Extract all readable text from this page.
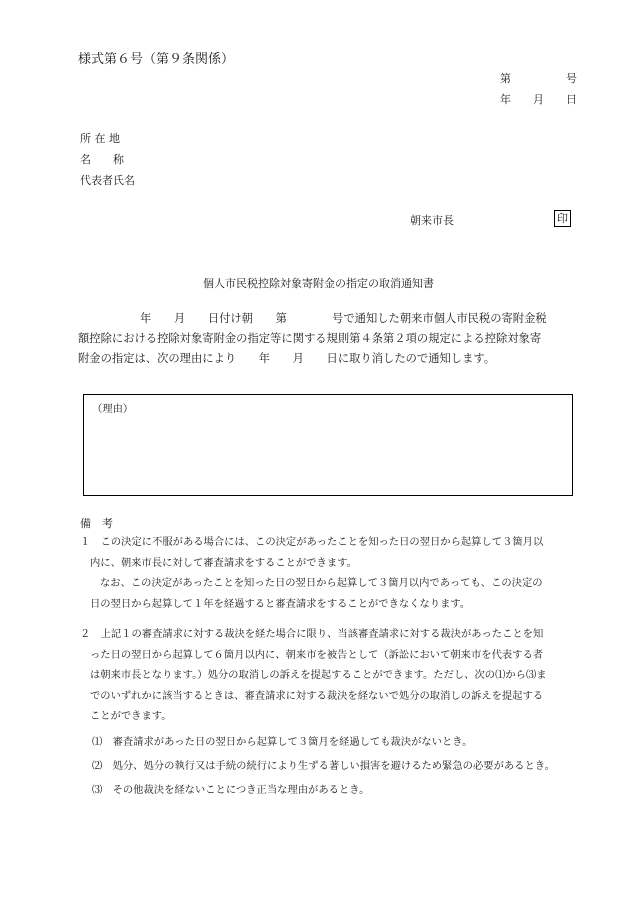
様式第６号（第９条関係）
第　　　　　号
年　　月　　日
所 在 地
名　　称
代表者氏名
朝来市長	印
個人市民税控除対象寄附金の指定の取消通知書
年　　月　　日付け朝　　第　　　　号で通知した朝来市個人市民税の寄附金税
額控除における控除対象寄附金の指定等に関する規則第４条第２項の規定による控除対象寄
附金の指定は、次の理由により　　年　　月　　日に取り消したので通知します。
（理由）
備　考
１　この決定に不服がある場合には、この決定があったことを知った日の翌日から起算して３箇月以
内に、朝来市長に対して審査請求をすることができます。
なお、この決定があったことを知った日の翌日から起算して３箇月以内であっても、この決定の
日の翌日から起算して１年を経過すると審査請求をすることができなくなります。
２　上記１の審査請求に対する裁決を経た場合に限り、当該審査請求に対する裁決があったことを知
った日の翌日から起算して６箇月以内に、朝来市を被告として（訴訟において朝来市を代表する者
は朝来市長となります。）処分の取消しの訴えを提起することができます。ただし、次の⑴から⑶ま
でのいずれかに該当するときは、審査請求に対する裁決を経ないで処分の取消しの訴えを提起する
ことができます。
⑴　審査請求があった日の翌日から起算して３箇月を経過しても裁決がないとき。
⑵　処分、処分の執行又は手続の続行により生ずる著しい損害を避けるため緊急の必要があるとき。
⑶　その他裁決を経ないことにつき正当な理由があるとき。
